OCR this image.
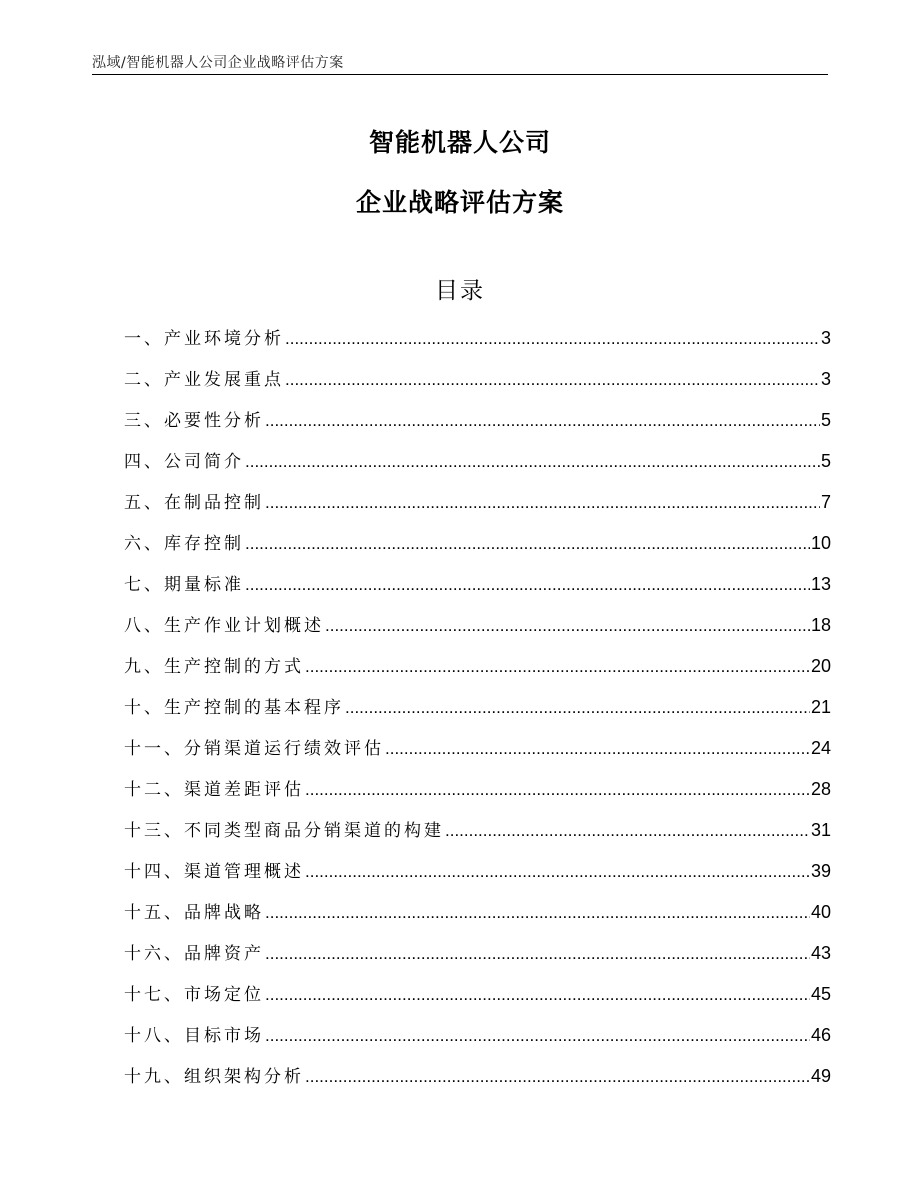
泓域/智能机器人公司企业战略评估方案
智能机器人公司
企业战略评估方案
目录
一、产业环境分析 .....	3
二、产业发展重点 .....	3
三、必要性分析 .....	5
四、公司简介 .....	5
五、在制品控制 .....	7
六、库存控制 .....	10
七、期量标准 .....	13
八、生产作业计划概述 .....	18
九、生产控制的方式 .....	20
十、生产控制的基本程序 .....	21
十一、分销渠道运行绩效评估 .....	24
十二、渠道差距评估 .....	28
十三、不同类型商品分销渠道的构建 .....	31
十四、渠道管理概述 .....	39
十五、品牌战略 .....	40
十六、品牌资产 .....	43
十七、市场定位 .....	45
十八、目标市场 .....	46
十九、组织架构分析 .....	49
